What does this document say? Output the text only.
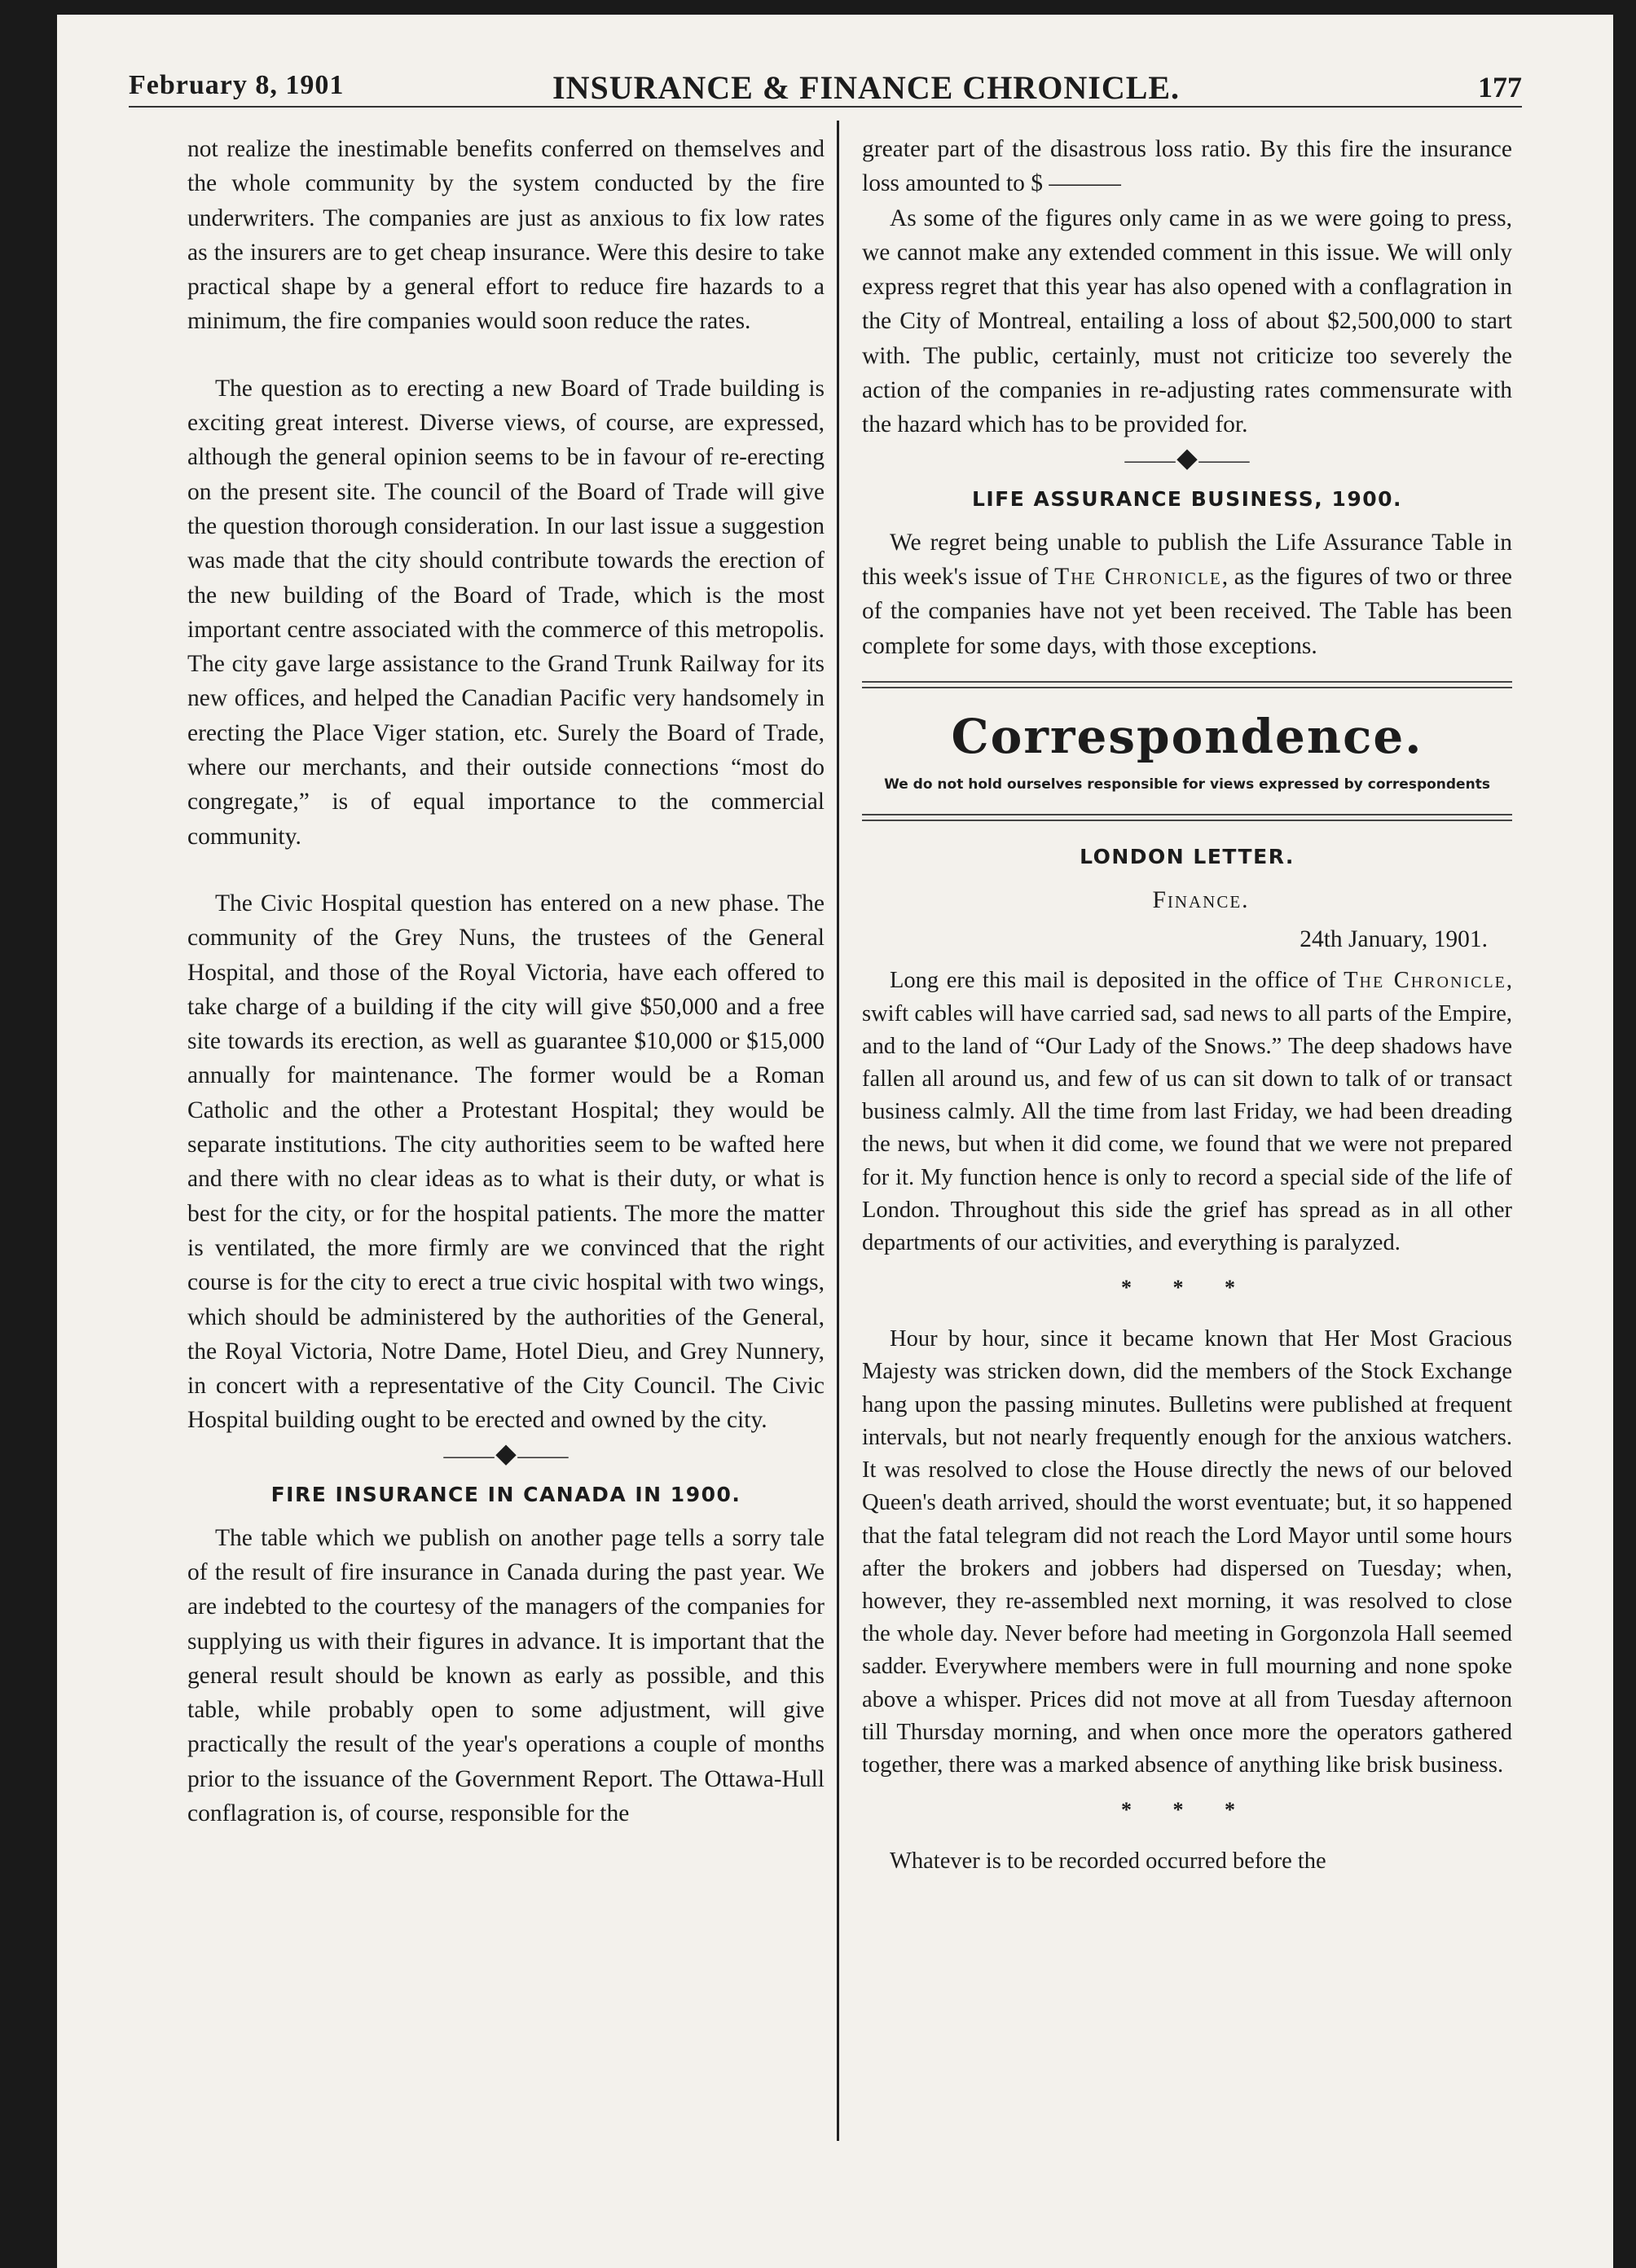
February 8, 1901	INSURANCE & FINANCE CHRONICLE.	177

not realize the inestimable benefits conferred on themselves and the whole community by the system conducted by the fire underwriters. The companies are just as anxious to fix low rates as the insurers are to get cheap insurance. Were this desire to take practical shape by a general effort to reduce fire hazards to a minimum, the fire companies would soon reduce the rates.

The question as to erecting a new Board of Trade building is exciting great interest. Diverse views, of course, are expressed, although the general opinion seems to be in favour of re-erecting on the present site. The council of the Board of Trade will give the question thorough consideration. In our last issue a suggestion was made that the city should contribute towards the erection of the new building of the Board of Trade, which is the most important centre associated with the commerce of this metropolis. The city gave large assistance to the Grand Trunk Railway for its new offices, and helped the Canadian Pacific very handsomely in erecting the Place Viger station, etc. Surely the Board of Trade, where our merchants, and their outside connections “most do congregate,” is of equal importance to the commercial community.

The Civic Hospital question has entered on a new phase. The community of the Grey Nuns, the trustees of the General Hospital, and those of the Royal Victoria, have each offered to take charge of a building if the city will give $50,000 and a free site towards its erection, as well as guarantee $10,000 or $15,000 annually for maintenance. The former would be a Roman Catholic and the other a Protestant Hospital; they would be separate institutions. The city authorities seem to be wafted here and there with no clear ideas as to what is their duty, or what is best for the city, or for the hospital patients. The more the matter is ventilated, the more firmly are we convinced that the right course is for the city to erect a true civic hospital with two wings, which should be administered by the authorities of the General, the Royal Victoria, Notre Dame, Hotel Dieu, and Grey Nunnery, in concert with a representative of the City Council. The Civic Hospital building ought to be erected and owned by the city.

⸻◆⸻
FIRE INSURANCE IN CANADA IN 1900.

The table which we publish on another page tells a sorry tale of the result of fire insurance in Canada during the past year. We are indebted to the courtesy of the managers of the companies for supplying us with their figures in advance. It is important that the general result should be known as early as possible, and this table, while probably open to some adjustment, will give practically the result of the year's operations a couple of months prior to the issuance of the Government Report. The Ottawa-Hull conflagration is, of course, responsible for the

greater part of the disastrous loss ratio. By this fire the insurance loss amounted to $ ———

As some of the figures only came in as we were going to press, we cannot make any extended comment in this issue. We will only express regret that this year has also opened with a conflagration in the City of Montreal, entailing a loss of about $2,500,000 to start with. The public, certainly, must not criticize too severely the action of the companies in re-adjusting rates commensurate with the hazard which has to be provided for.

⸻◆⸻
LIFE ASSURANCE BUSINESS, 1900.

We regret being unable to publish the Life Assurance Table in this week's issue of The Chronicle, as the figures of two or three of the companies have not yet been received. The Table has been complete for some days, with those exceptions.

Correspondence.
We do not hold ourselves responsible for views expressed by correspondents
LONDON LETTER.

Finance.

24th January, 1901.

Long ere this mail is deposited in the office of The Chronicle, swift cables will have carried sad, sad news to all parts of the Empire, and to the land of “Our Lady of the Snows.” The deep shadows have fallen all around us, and few of us can sit down to talk of or transact business calmly. All the time from last Friday, we had been dreading the news, but when it did come, we found that we were not prepared for it. My function hence is only to record a special side of the life of London. Throughout this side the grief has spread as in all other departments of our activities, and everything is paralyzed.

* * *

Hour by hour, since it became known that Her Most Gracious Majesty was stricken down, did the members of the Stock Exchange hang upon the passing minutes. Bulletins were published at frequent intervals, but not nearly frequently enough for the anxious watchers. It was resolved to close the House directly the news of our beloved Queen's death arrived, should the worst eventuate; but, it so happened that the fatal telegram did not reach the Lord Mayor until some hours after the brokers and jobbers had dispersed on Tuesday; when, however, they re-assembled next morning, it was resolved to close the whole day. Never before had meeting in Gorgonzola Hall seemed sadder. Everywhere members were in full mourning and none spoke above a whisper. Prices did not move at all from Tuesday afternoon till Thursday morning, and when once more the operators gathered together, there was a marked absence of anything like brisk business.

* * *

Whatever is to be recorded occurred before the
